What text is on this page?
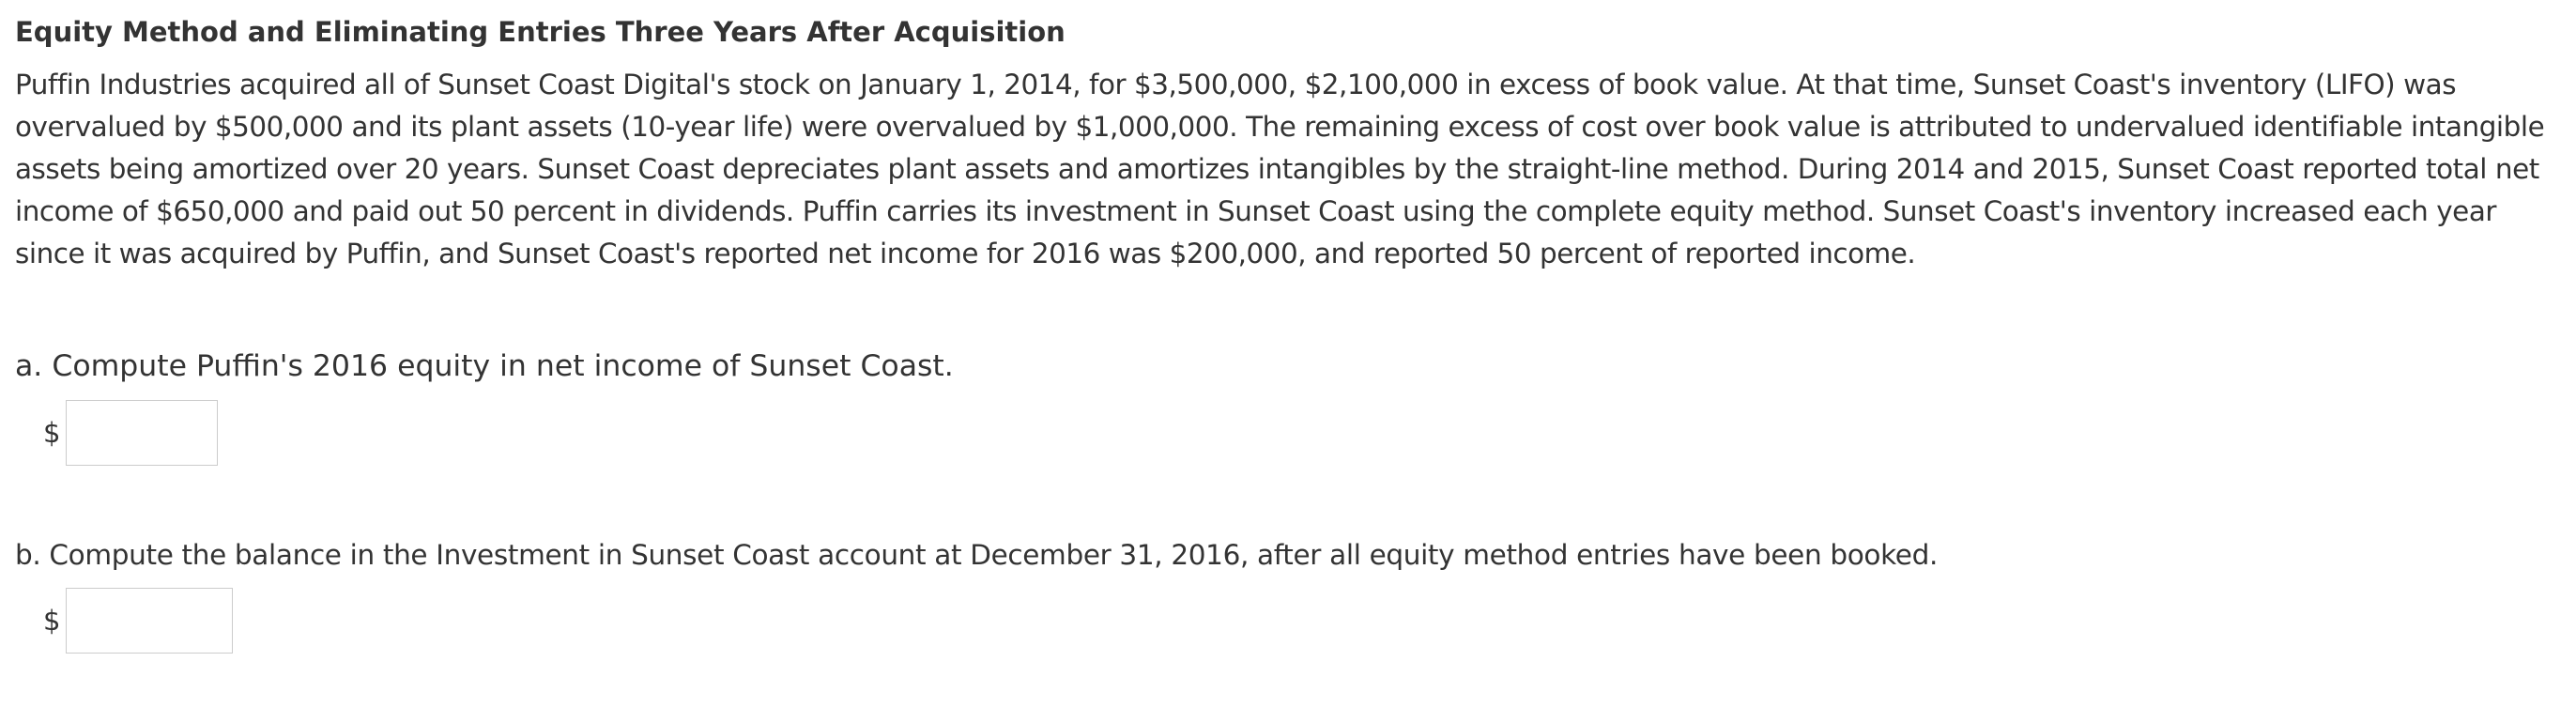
Equity Method and Eliminating Entries Three Years After Acquisition
Puffin Industries acquired all of Sunset Coast Digital's stock on January 1, 2014, for $3,500,000, $2,100,000 in excess of book value. At that time, Sunset Coast's inventory (LIFO) was overvalued by $500,000 and its plant assets (10-year life) were overvalued by $1,000,000. The remaining excess of cost over book value is attributed to undervalued identifiable intangible assets being amortized over 20 years. Sunset Coast depreciates plant assets and amortizes intangibles by the straight-line method. During 2014 and 2015, Sunset Coast reported total net income of $650,000 and paid out 50 percent in dividends. Puffin carries its investment in Sunset Coast using the complete equity method. Sunset Coast's inventory increased each year since it was acquired by Puffin, and Sunset Coast's reported net income for 2016 was $200,000, and reported 50 percent of reported income.

a. Compute Puffin's 2016 equity in net income of Sunset Coast.

$

b. Compute the balance in the Investment in Sunset Coast account at December 31, 2016, after all equity method entries have been booked.

$
